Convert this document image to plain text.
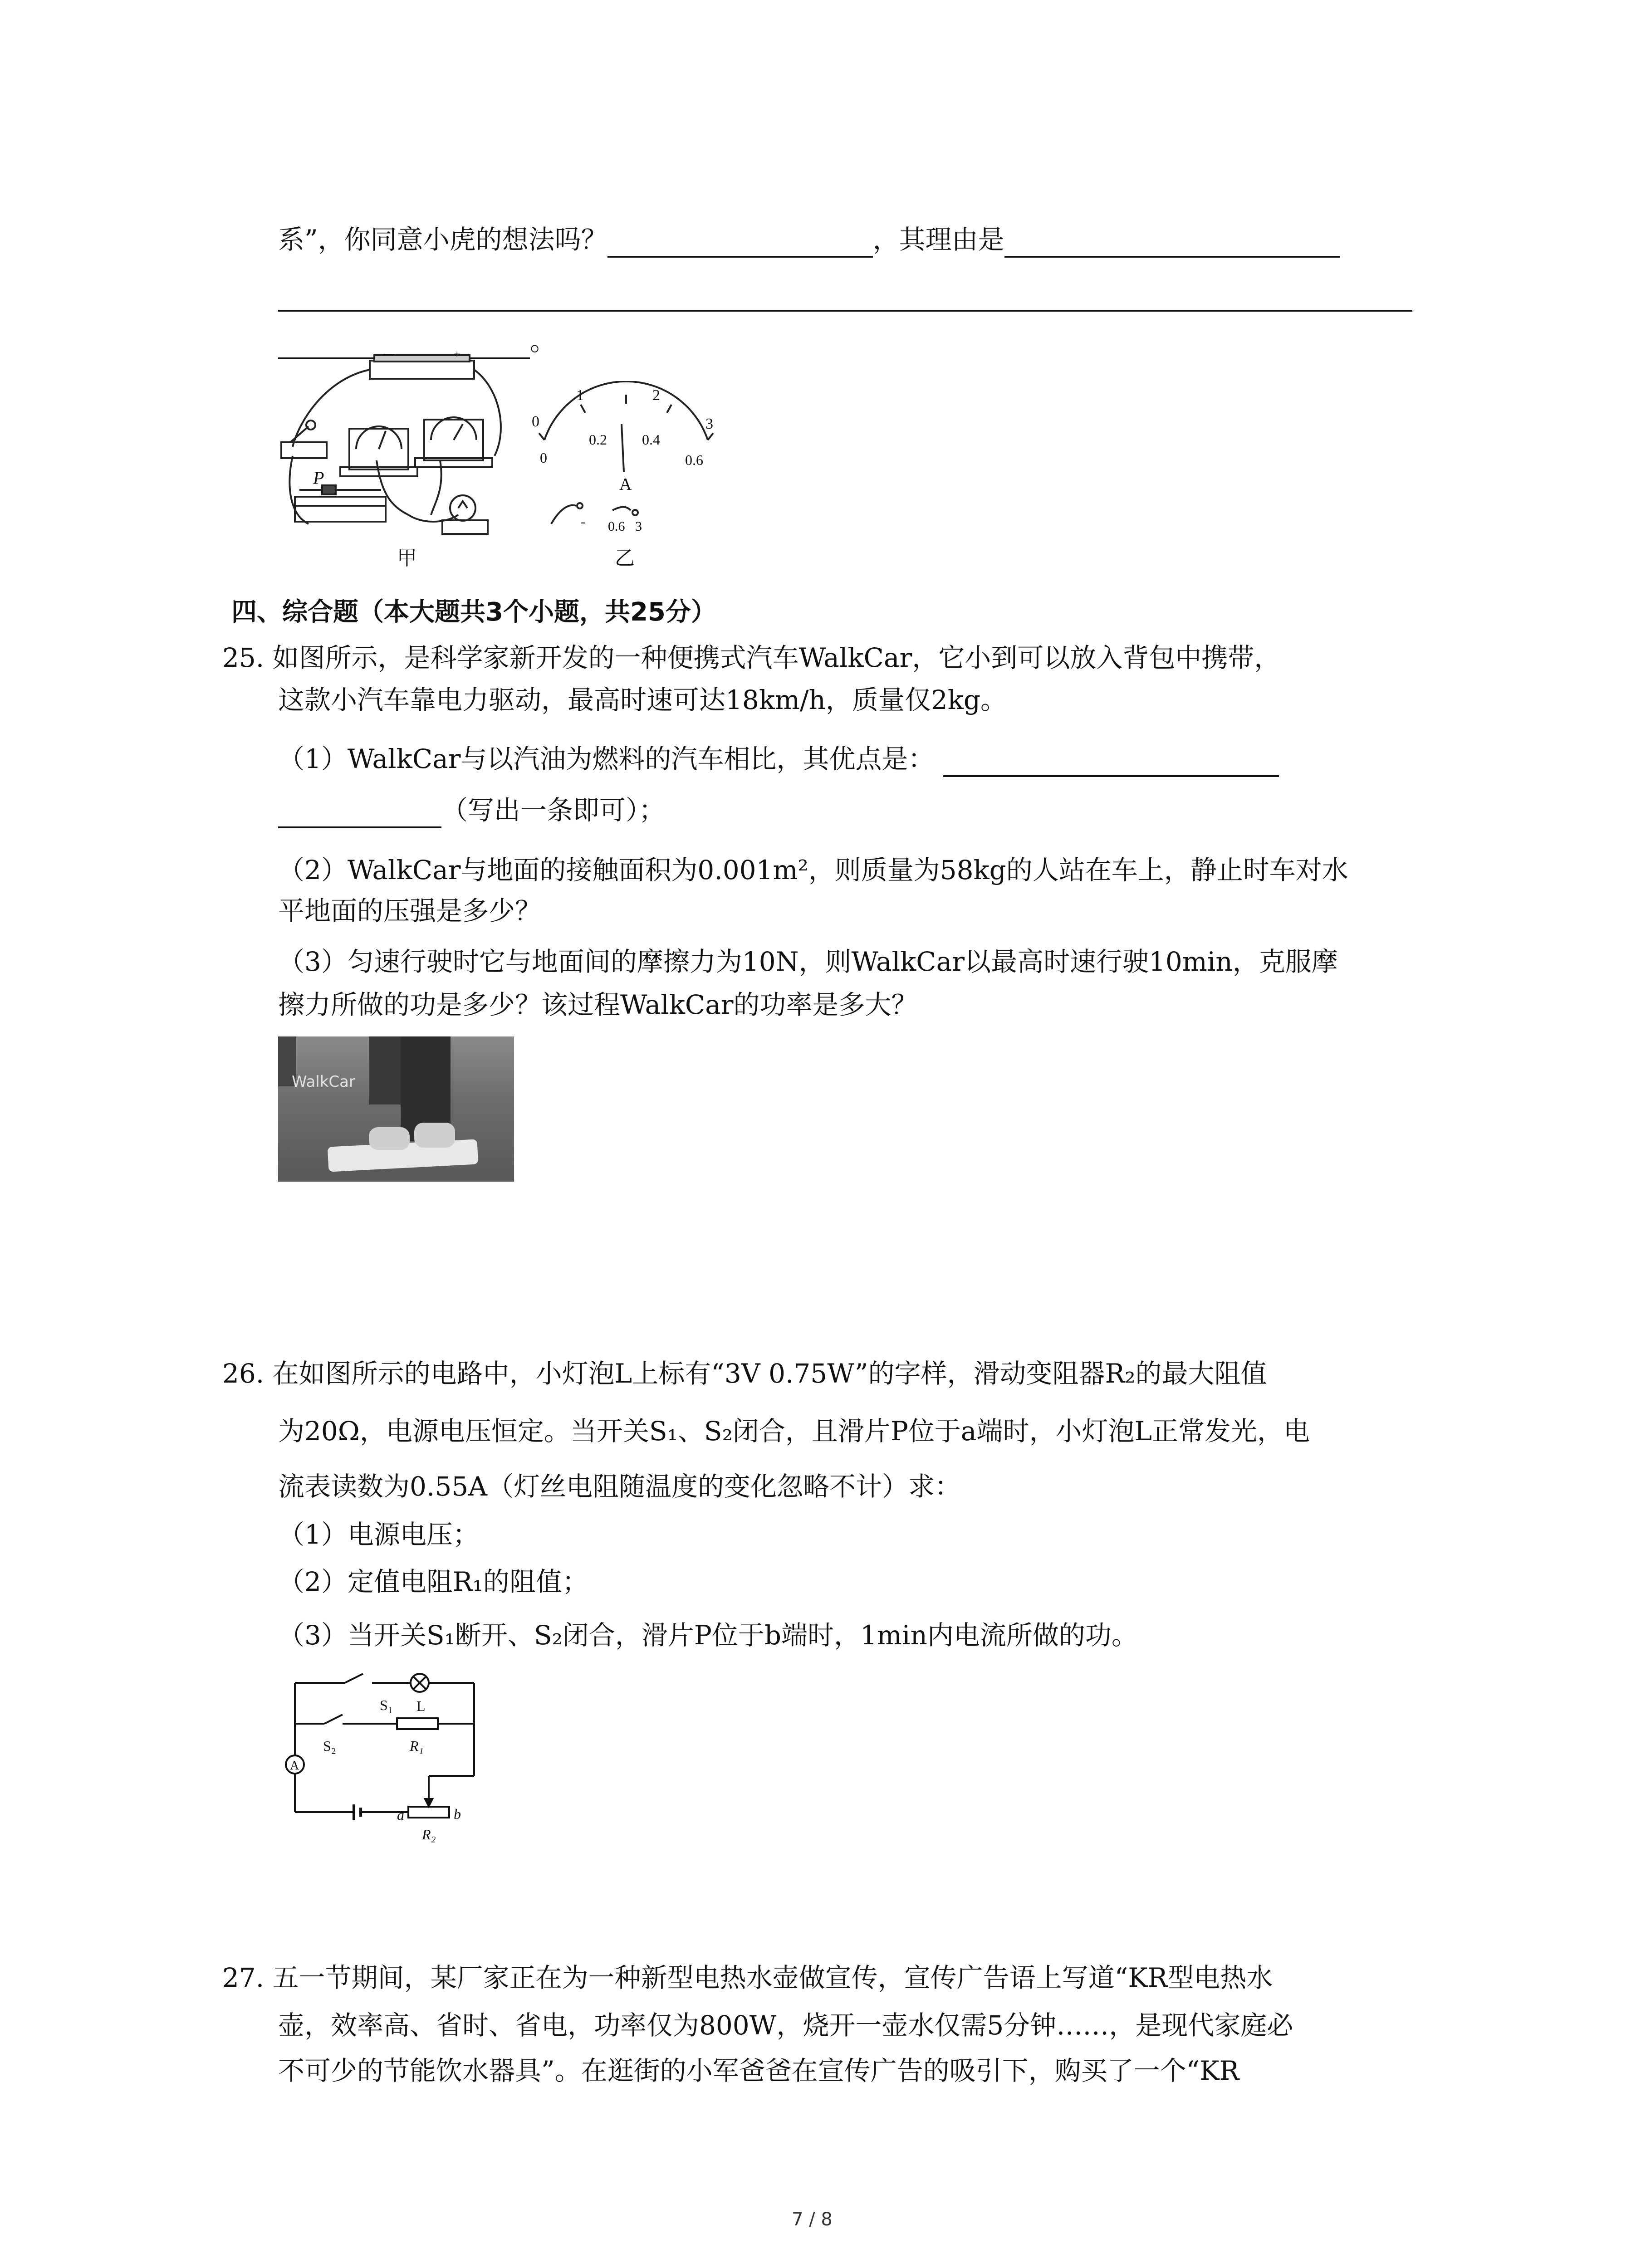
系”，你同意小虎的想法吗？	，其理由是
。
—	+
P
甲
0
1	2
3
0
0.2 0.4
0.6
A
- 0.6 3
乙
四、综合题（本大题共3个小题，共25分）
25. 如图所示，是科学家新开发的一种便携式汽车WalkCar，它小到可以放入背包中携带，
这款小汽车靠电力驱动，最高时速可达18km/h，质量仅2kg。
（1）WalkCar与以汽油为燃料的汽车相比，其优点是：
（写出一条即可）；
（2）WalkCar与地面的接触面积为0.001m²，则质量为58kg的人站在车上，静止时车对水
平地面的压强是多少？
（3）匀速行驶时它与地面间的摩擦力为10N，则WalkCar以最高时速行驶10min，克服摩
擦力所做的功是多少？该过程WalkCar的功率是多大？
WalkCar
26. 在如图所示的电路中，小灯泡L上标有“3V 0.75W”的字样，滑动变阻器R₂的最大阻值
为20Ω，电源电压恒定。当开关S₁、S₂闭合，且滑片P位于a端时，小灯泡L正常发光，电
流表读数为0.55A（灯丝电阻随温度的变化忽略不计）求：
（1）电源电压；
（2）定值电阻R₁的阻值；
（3）当开关S₁断开、S₂闭合，滑片P位于b端时，1min内电流所做的功。
S₁ L
S₂	R₁
A
a	b
R₂
27. 五一节期间，某厂家正在为一种新型电热水壶做宣传，宣传广告语上写道“KR型电热水
壶，效率高、省时、省电，功率仅为800W，烧开一壶水仅需5分钟……，是现代家庭必
不可少的节能饮水器具”。在逛街的小军爸爸在宣传广告的吸引下，购买了一个“KR
7 / 8
